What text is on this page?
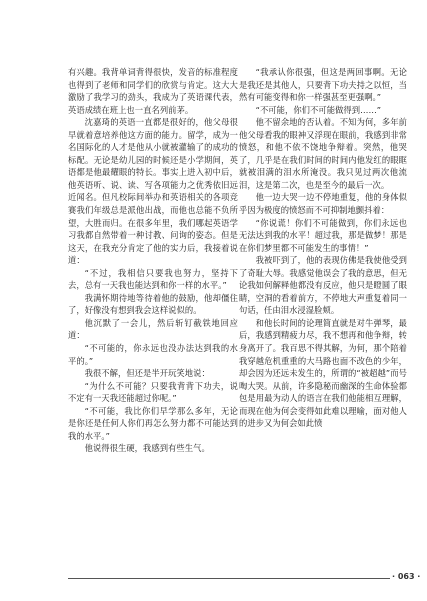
有兴趣。我背单词背得很快，发音的标准程度也得到了老师和同学们的欣赏与肯定。这大大激励了我学习的劲头，我成为了英语课代表，英语成绩在班上也一直名列前茅。

沈嘉琦的英语一直都是很好的，他父母很早就着意培养他这方面的能力。留学，成为一名国际化的人才是他从小就被灌输了的成功的标配。无论是幼儿园的时候还是小学期间，英语都是他最耀眼的特长。事实上进入初中后，他英语听、说、读、写各项能力之优秀依旧远近闻名。但凡校际间举办和英语相关的各项竞赛我们年级总是派他出战，而他也总能不负所望，大胜而归。在很多年里，我们哪起英语学习我都自然带着一种讨教、问询的姿态。但是这天，在我充分肯定了他的实力后，我接着说道：

“不过，我相信只要我也努力，坚持下去，总有一天我也能达到和你一样的水平。”

我满怀期待地等待着他的鼓励，他却僵住了，好像没有想到我会这样说似的。

他沉默了一会儿，然后斩钉截铁地回应道：

“不可能的，你永远也没办法达到我的水平的。”

我很不解，但还是半开玩笑地说：

“为什么不可能？只要我背背下功夫，说不定有一天我还能超过你呢。”

“不可能，我比你们早学那么多年，无论是你还是任何人你们再怎么努力都不可能达到我的水平。”

他说得很生硬，我感到有些生气。

“我承认你很强，但这是两回事啊。无论是我还是其他人，只要背下功夫持之以恒，当然有可能变得和你一样强甚至更强啊。”

“不可能，你们不可能做得到……”

他不留余地的否认着。不知为何，多年前他父母看我的眼神又浮现在眼前，我感到非常愤怒，和他不依不饶地争辩着。突然，他哭了，几乎是在我们时间的时间内他发红的眼眶就被泪满的泪水所淹没。我只见过两次他流泪，这是第二次，也是至今的最后一次。

他一边大哭一边不停地重复，他的身体似乎因为极度的愤怒而不可抑制地颤抖着：

“你说谎！你们不可能做到，你们永远也无法达到我的水平！超过我，那是做梦！那是在你们梦里都不可能发生的事情！”

我被吓到了，他的表现仿佛是我使他受到了奇耻大辱。我感觉他误会了我的意思，但无论我如何解释他都没有反应，他只是瞪圆了眼睛，空洞的看着前方，不停地大声重复着同一句话，任由泪水浸湿脸颊。

和他长时间的论理简直就是对牛弹琴，最后，我感到精疲力尽，我不想再和他争辩，转身离开了。我百思不得其解，为何，那个陪着我穿越危机重重的大马路也面不改色的少年，却会因为还远未发生的，所谓的“被超越”而号啕大哭。从前，许多隐秘而幽深的生命体验都包是用最为动人的语言在我们他能相互理解，而现在他为何会变得如此难以理喻，面对他人的进步又为何会如此愤

· 063 ·
